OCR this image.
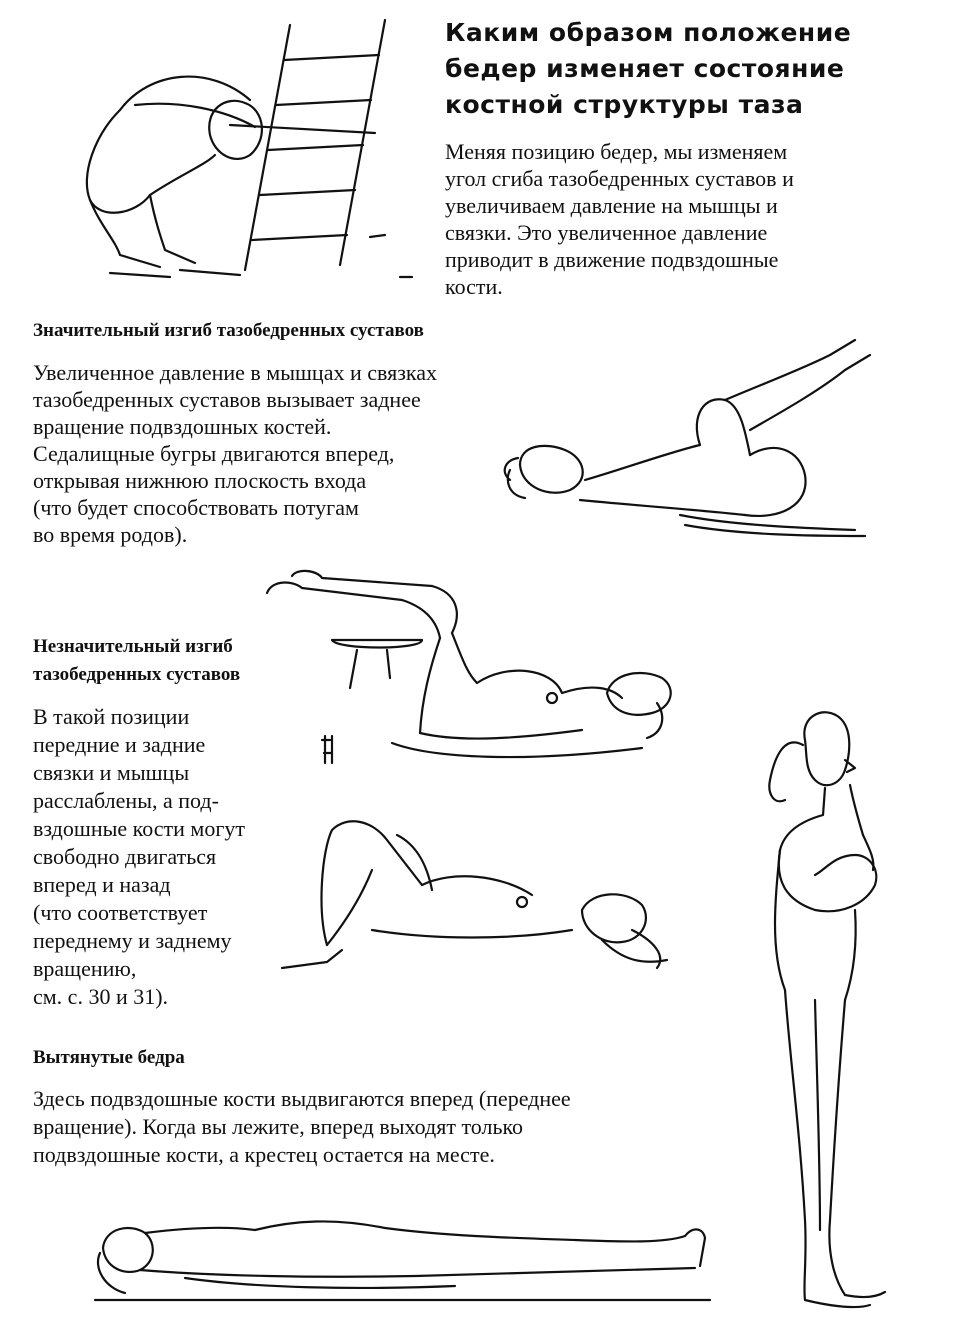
Каким образом положение
бедер изменяет состояние
костной структуры таза
Меняя позицию бедер, мы изменяем
угол сгиба тазобедренных суставов и
увеличиваем давление на мышцы и
связки. Это увеличенное давление
приводит в движение подвздошные
кости.
Значительный изгиб тазобедренных суставов
Увеличенное давление в мышцах и связках
тазобедренных суставов вызывает заднее
вращение подвздошных костей.
Седалищные бугры двигаются вперед,
открывая нижнюю плоскость входа
(что будет способствовать потугам
во время родов).
Незначительный изгиб
тазобедренных суставов
В такой позиции
передние и задние
связки и мышцы
расслаблены, а под-
вздошные кости могут
свободно двигаться
вперед и назад
(что соответствует
переднему и заднему
вращению,
см. с. 30 и 31).
Вытянутые бедра
Здесь подвздошные кости выдвигаются вперед (переднее
вращение). Когда вы лежите, вперед выходят только
подвздошные кости, а крестец остается на месте.
